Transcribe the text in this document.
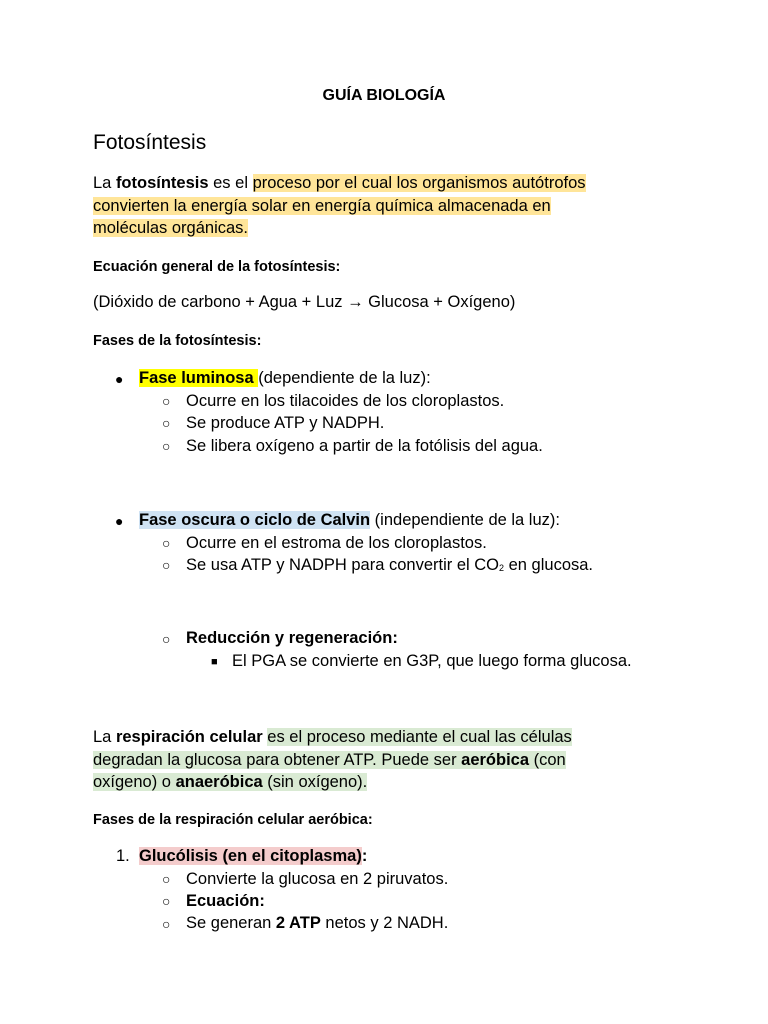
GUÍA BIOLOGÍA
Fotosíntesis
La fotosíntesis es el proceso por el cual los organismos autótrofos
convierten la energía solar en energía química almacenada en
moléculas orgánicas.
Ecuación general de la fotosíntesis:
(Dióxido de carbono + Agua + Luz → Glucosa + Oxígeno)
Fases de la fotosíntesis:
● Fase luminosa (dependiente de la luz):
○ Ocurre en los tilacoides de los cloroplastos.
○ Se produce ATP y NADPH.
○ Se libera oxígeno a partir de la fotólisis del agua.
● Fase oscura o ciclo de Calvin (independiente de la luz):
○ Ocurre en el estroma de los cloroplastos.
○ Se usa ATP y NADPH para convertir el $CO_2$ en glucosa.
○ Reducción y regeneración:
■ El PGA se convierte en G3P, que luego forma glucosa.
La respiración celular es el proceso mediante el cual las células
degradan la glucosa para obtener ATP. Puede ser aeróbica (con
oxígeno) o anaeróbica (sin oxígeno).
Fases de la respiración celular aeróbica:
1. Glucólisis (en el citoplasma):
○ Convierte la glucosa en 2 piruvatos.
○ Ecuación:
○ Se generan 2 ATP netos y 2 NADH.
